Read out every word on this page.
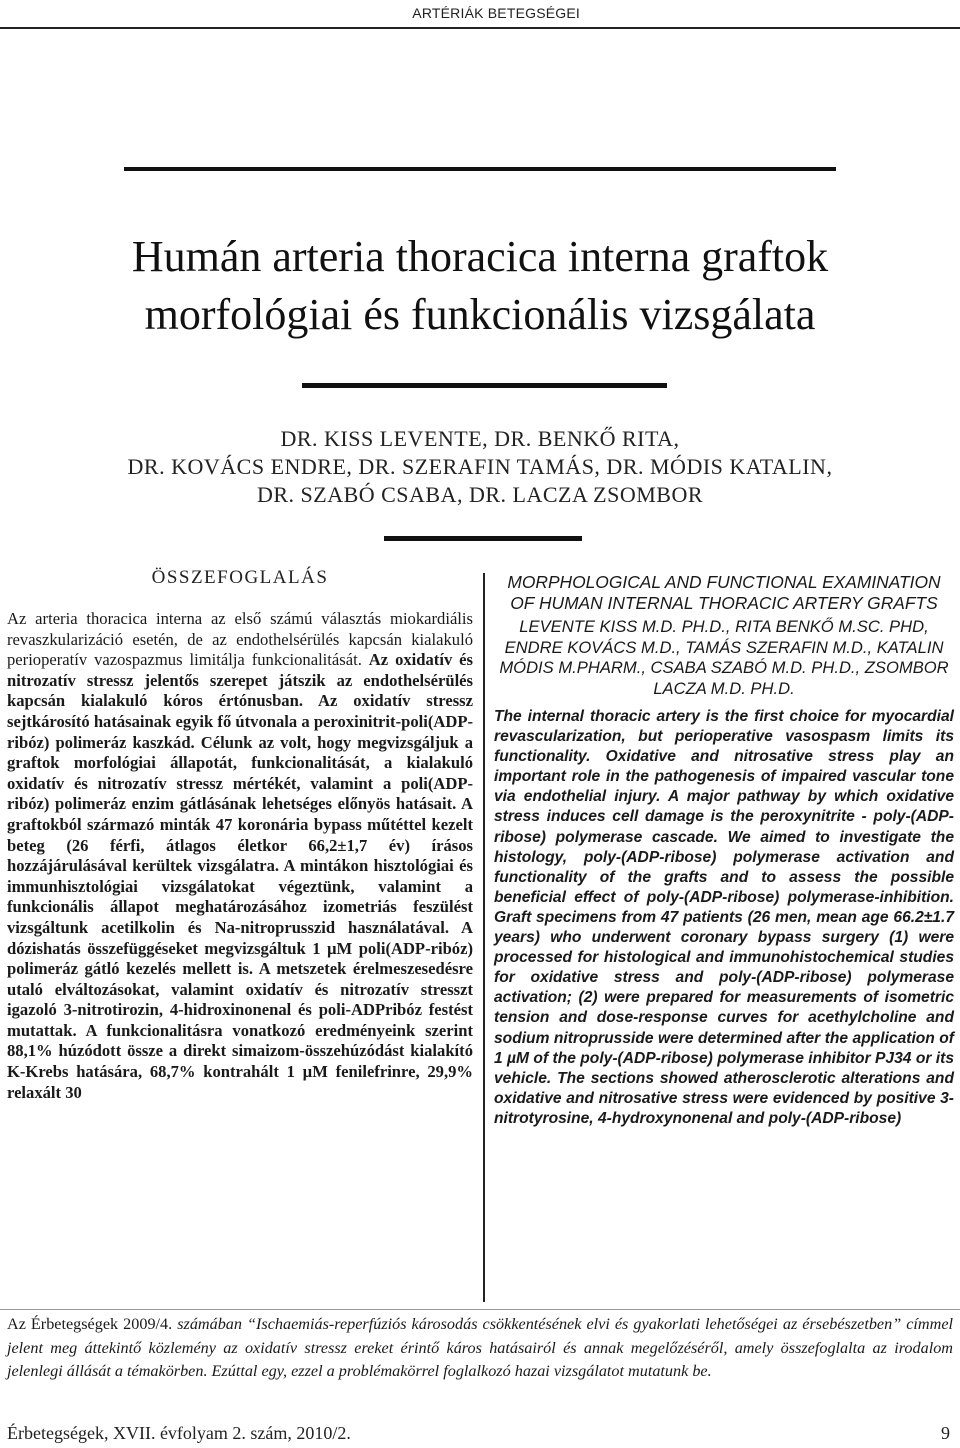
ARTÉRIÁK BETEGSÉGEI
Humán arteria thoracica interna graftok
morfológiai és funkcionális vizsgálata
DR. KISS LEVENTE, DR. BENKŐ RITA,
DR. KOVÁCS ENDRE, DR. SZERAFIN TAMÁS, DR. MÓDIS KATALIN,
DR. SZABÓ CSABA, DR. LACZA ZSOMBOR
ÖSSZEFOGLALÁS

Az arteria thoracica interna az első számú választás miokardiális revaszkularizáció esetén, de az endothelsérülés kapcsán kialakuló perioperatív vazospazmus limitálja funkcionalitását. Az oxidatív és nitrozatív stressz jelentős szerepet játszik az endothelsérülés kapcsán kialakuló kóros értónusban. Az oxidatív stressz sejtkárosító hatásainak egyik fő útvonala a peroxinitrit-poli(ADP-ribóz) polimeráz kaszkád. Célunk az volt, hogy megvizsgáljuk a graftok morfológiai állapotát, funkcionalitását, a kialakuló oxidatív és nitrozatív stressz mértékét, valamint a poli(ADP-ribóz) polimeráz enzim gátlásának lehetséges előnyös hatásait. A graftokból származó minták 47 koronária bypass műtéttel kezelt beteg (26 férfi, átlagos életkor 66,2±1,7 év) írásos hozzájárulásával kerültek vizsgálatra. A mintákon hisztológiai és immunhisztológiai vizsgálatokat végeztünk, valamint a funkcionális állapot meghatározásához izometriás feszülést vizsgáltunk acetilkolin és Na-nitroprusszid használatával. A dózishatás összefüggéseket megvizsgáltuk 1 µM poli(ADP-ribóz) polimeráz gátló kezelés mellett is. A metszetek érelmeszesedésre utaló elváltozásokat, valamint oxidatív és nitrozatív stresszt igazoló 3-nitrotirozin, 4-hidroxinonenal és poli-ADPribóz festést mutattak. A funkcionalitásra vonatkozó eredményeink szerint 88,1% húzódott össze a direkt simaizom-összehúzódást kialakító K-Krebs hatására, 68,7% kontrahált 1 µM fenilefrinre, 29,9% relaxált 30

MORPHOLOGICAL AND FUNCTIONAL EXAMINATION OF HUMAN INTERNAL THORACIC ARTERY GRAFTS
LEVENTE KISS M.D. PH.D., RITA BENKŐ M.SC. PHD, ENDRE KOVÁCS M.D., TAMÁS SZERAFIN M.D., KATALIN MÓDIS M.PHARM., CSABA SZABÓ M.D. PH.D., ZSOMBOR LACZA M.D. PH.D.

The internal thoracic artery is the first choice for myocardial revascularization, but perioperative vasospasm limits its functionality. Oxidative and nitrosative stress play an important role in the pathogenesis of impaired vascular tone via endothelial injury. A major pathway by which oxidative stress induces cell damage is the peroxynitrite - poly-(ADP-ribose) polymerase cascade. We aimed to investigate the histology, poly-(ADP-ribose) polymerase activation and functionality of the grafts and to assess the possible beneficial effect of poly-(ADP-ribose) polymerase-inhibition. Graft specimens from 47 patients (26 men, mean age 66.2±1.7 years) who underwent coronary bypass surgery (1) were processed for histological and immunohistochemical studies for oxidative stress and poly-(ADP-ribose) polymerase activation; (2) were prepared for measurements of isometric tension and dose-response curves for acethylcholine and sodium nitroprusside were determined after the application of 1 µM of the poly-(ADP-ribose) polymerase inhibitor PJ34 or its vehicle. The sections showed atherosclerotic alterations and oxidative and nitrosative stress were evidenced by positive 3-nitrotyrosine, 4-hydroxynonenal and poly-(ADP-ribose)

Az Érbetegségek 2009/4. számában “Ischaemiás-reperfúziós károsodás csökkentésének elvi és gyakorlati lehetőségei az érsebészetben” címmel jelent meg áttekintő közlemény az oxidatív stressz ereket érintő káros hatásairól és annak megelőzéséről, amely összefoglalta az irodalom jelenlegi állását a témakörben. Ezúttal egy, ezzel a problémakörrel foglalkozó hazai vizsgálatot mutatunk be.
Érbetegségek, XVII. évfolyam 2. szám, 2010/2.	9
